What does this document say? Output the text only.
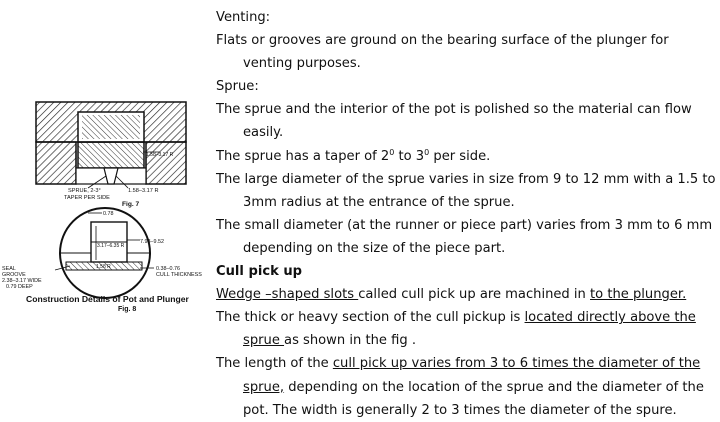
1.58–3.17 R
SPRUE, 2-3°
TAPER PER SIDE
1.58–3.17 R
Fig. 7
0.78
7.93–9.52
3.17–6.35 R
1.58 R
SEAL
GROOVE
2.38–3.17 WIDE
0.79 DEEP
0.38–0.76
CULL THICKNESS
Construction Details of Pot and Plunger
Fig. 8
Venting:
Flats or grooves are ground on the bearing surface of the plunger for
venting purposes.
Sprue:
The sprue and the interior of the pot is polished so the material can flow
easily.
The sprue has a taper of $2^0$ to $3^0$ per side.
The large diameter of the sprue varies in size from 9 to 12 mm with a 1.5 to
3mm radius at the entrance of the sprue.
The small diameter (at the runner or piece part) varies from 3 mm to 6 mm
depending on the size of the piece part.
Cull pick up
Wedge –shaped slots called cull pick up are machined in to the plunger.
The thick or heavy section of the cull pickup is located directly above the
sprue as shown in the fig .
The length of the cull pick up varies from 3 to 6 times the diameter of the
sprue, depending on the location of the sprue and the diameter of the
pot. The width is generally 2 to 3 times the diameter of the spure.
